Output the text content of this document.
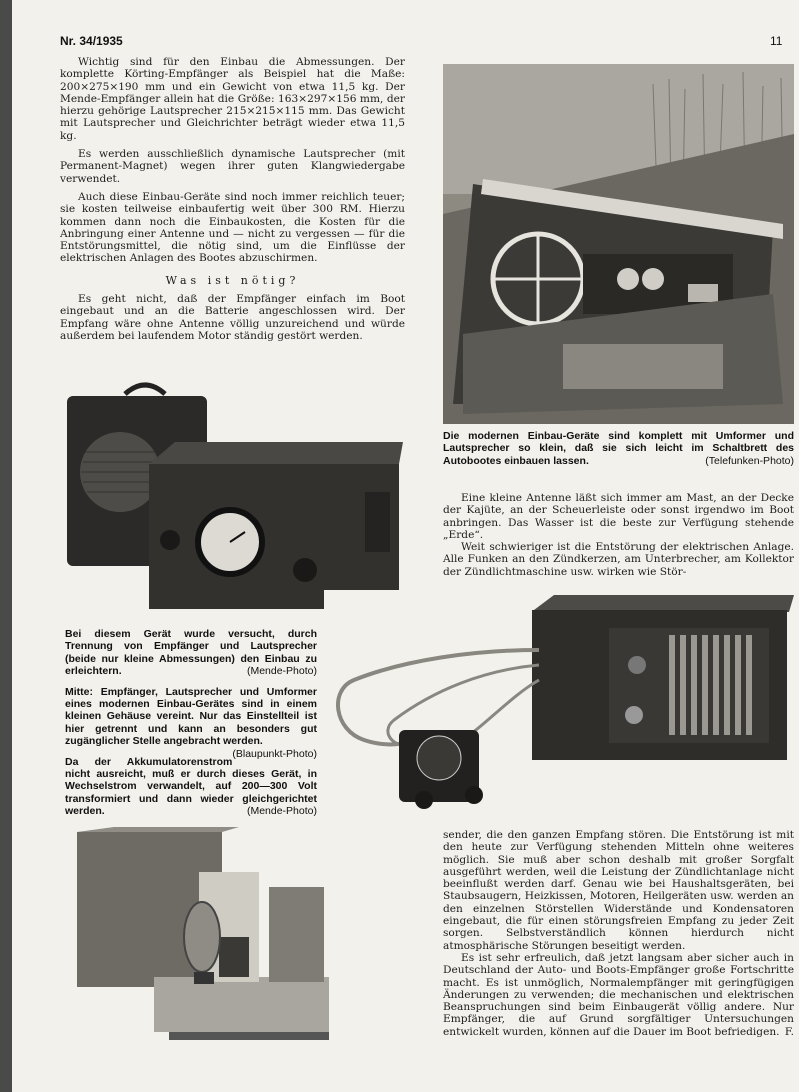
Nr. 34/1935	11

Wichtig sind für den Einbau die Abmessungen. Der komplette Körting-Empfänger als Beispiel hat die Maße: 200×275×190 mm und ein Gewicht von etwa 11,5 kg. Der Mende-Empfänger allein hat die Größe: 163×297×156 mm, der hierzu gehörige Lautsprecher 215×215×115 mm. Das Gewicht mit Lautsprecher und Gleichrichter beträgt wieder etwa 11,5 kg.

Es werden ausschließlich dynamische Lautsprecher (mit Permanent-Magnet) wegen ihrer guten Klangwiedergabe verwendet.

Auch diese Einbau-Geräte sind noch immer reichlich teuer; sie kosten teilweise einbaufertig weit über 300 RM. Hierzu kommen dann noch die Einbaukosten, die Kosten für die Anbringung einer Antenne und — nicht zu vergessen — für die Entstörungsmittel, die nötig sind, um die Einflüsse der elektrischen Anlagen des Bootes abzuschirmen.

Was ist nötig?

Es geht nicht, daß der Empfänger einfach im Boot eingebaut und an die Batterie angeschlossen wird. Der Empfang wäre ohne Antenne völlig unzureichend und würde außerdem bei laufendem Motor ständig gestört werden.

Die modernen Einbau-Geräte sind komplett mit Umformer und Lautsprecher so klein, daß sie sich leicht im Schaltbrett des Autobootes einbauen lassen.	(Telefunken-Photo)

Eine kleine Antenne läßt sich immer am Mast, an der Decke der Kajüte, an der Scheuerleiste oder sonst irgendwo im Boot anbringen. Das Wasser ist die beste zur Verfügung stehende „Erde“.

Weit schwieriger ist die Entstörung der elektrischen Anlage. Alle Funken an den Zündkerzen, am Unterbrecher, am Kollektor der Zündlichtmaschine usw. wirken wie Stör-

Bei diesem Gerät wurde versucht, durch Trennung von Empfänger und Lautsprecher (beide nur kleine Abmessungen) den Einbau zu erleichtern.	(Mende-Photo)

Mitte: Empfänger, Lautsprecher und Umformer eines modernen Einbau-Gerätes sind in einem kleinen Gehäuse vereint. Nur das Einstellteil ist hier getrennt und kann an besonders gut zugänglicher Stelle angebracht werden.
(Blaupunkt-Photo)

Da der Akkumulatorenstrom nicht ausreicht, muß er durch dieses Gerät, in Wechselstrom verwandelt, auf 200—300 Volt transformiert und dann wieder gleichgerichtet werden.	(Mende-Photo)

sender, die den ganzen Empfang stören. Die Entstörung ist mit den heute zur Verfügung stehenden Mitteln ohne weiteres möglich. Sie muß aber schon deshalb mit großer Sorgfalt ausgeführt werden, weil die Leistung der Zündlichtanlage nicht beeinflußt werden darf. Genau wie bei Haushaltsgeräten, bei Staubsaugern, Heizkissen, Motoren, Heilgeräten usw. werden an den einzelnen Störstellen Widerstände und Kondensatoren eingebaut, die für einen störungsfreien Empfang zu jeder Zeit sorgen. Selbstverständlich können hierdurch nicht atmosphärische Störungen beseitigt werden.

Es ist sehr erfreulich, daß jetzt langsam aber sicher auch in Deutschland der Auto- und Boots-Empfänger große Fortschritte macht. Es ist unmöglich, Normalempfänger mit geringfügigen Änderungen zu verwenden; die mechanischen und elektrischen Beanspruchungen sind beim Einbaugerät völlig andere. Nur Empfänger, die auf Grund sorgfältiger Untersuchungen entwickelt wurden, können auf die Dauer im Boot befriedigen. F.
